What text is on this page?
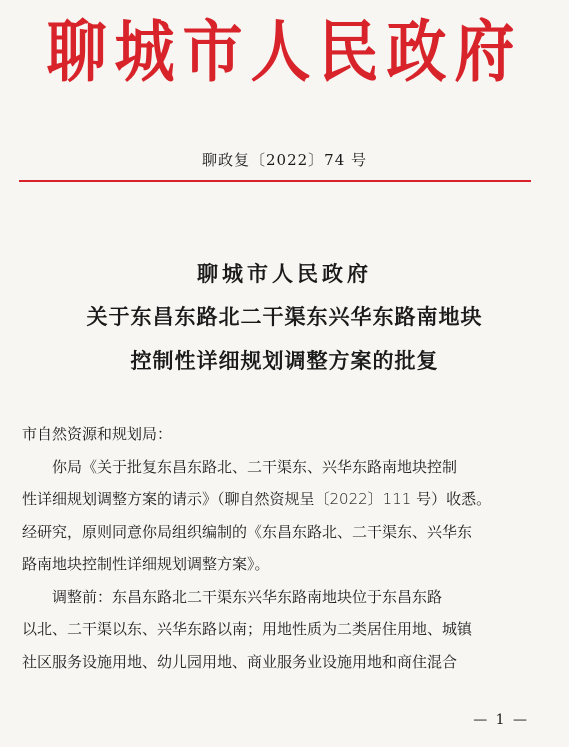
聊城市人民政府
聊政复〔2022〕74 号
聊城市人民政府
关于东昌东路北二干渠东兴华东路南地块
控制性详细规划调整方案的批复

市自然资源和规划局：

你局《关于批复东昌东路北、二干渠东、兴华东路南地块控制

性详细规划调整方案的请示》（聊自然资规呈〔2022〕111 号）收悉。

经研究，原则同意你局组织编制的《东昌东路北、二干渠东、兴华东

路南地块控制性详细规划调整方案》。

调整前：东昌东路北二干渠东兴华东路南地块位于东昌东路

以北、二干渠以东、兴华东路以南；用地性质为二类居住用地、城镇

社区服务设施用地、幼儿园用地、商业服务业设施用地和商住混合

— 1 —
